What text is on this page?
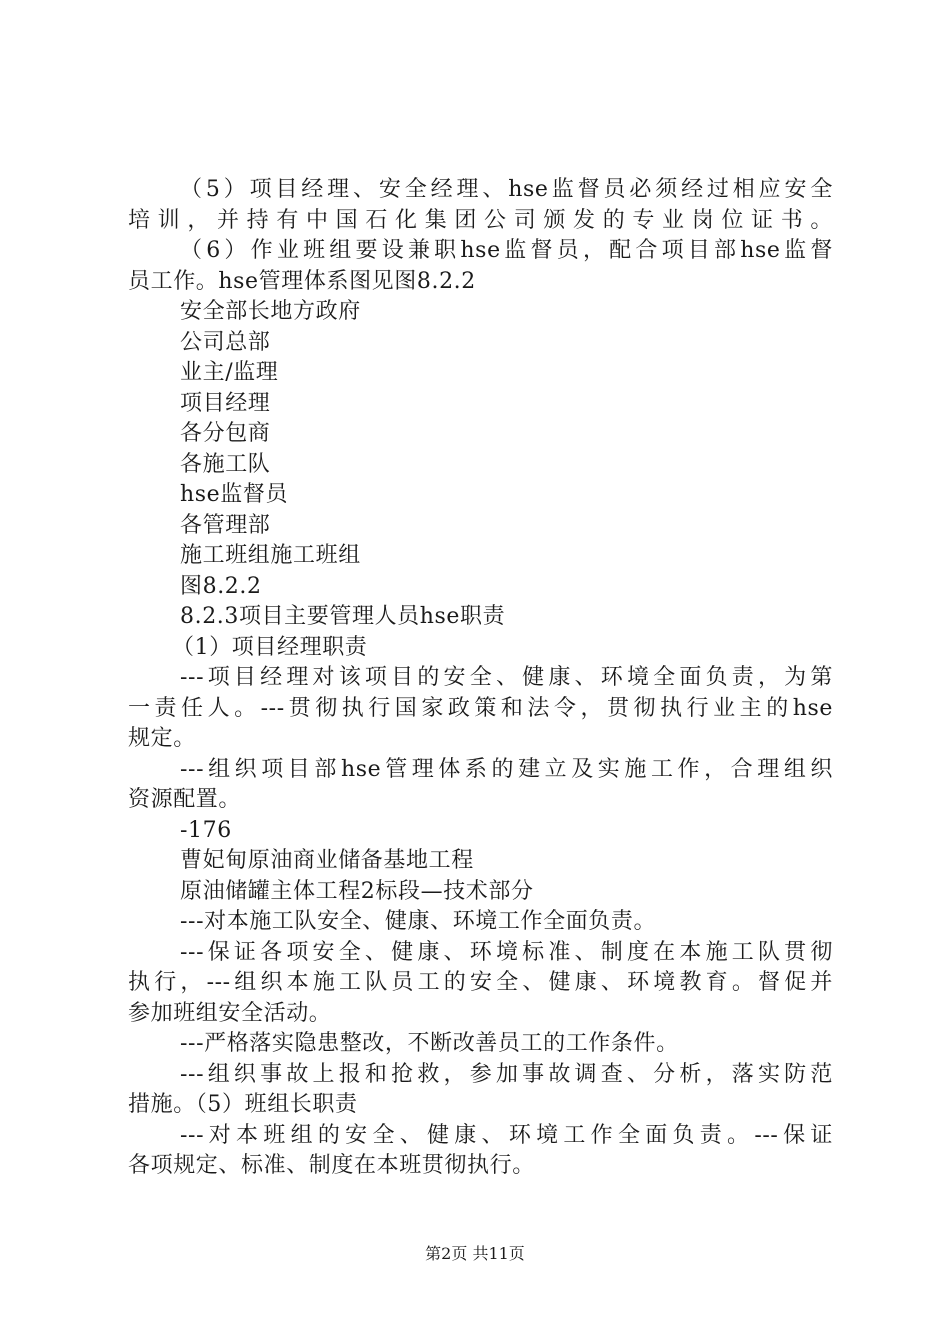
（5）项目经理、安全经理、hse监督员必须经过相应安全
培训，并持有中国石化集团公司颁发的专业岗位证书。
（6）作业班组要设兼职hse监督员，配合项目部hse监督
员工作。hse管理体系图见图8.2.2
安全部长地方政府
公司总部
业主/监理
项目经理
各分包商
各施工队
hse监督员
各管理部
施工班组施工班组
图8.2.2
8.2.3项目主要管理人员hse职责
（1）项目经理职责
---项目经理对该项目的安全、健康、环境全面负责，为第
一责任人。---贯彻执行国家政策和法令，贯彻执行业主的hse
规定。
---组织项目部hse管理体系的建立及实施工作，合理组织
资源配置。
-176
曹妃甸原油商业储备基地工程
原油储罐主体工程2标段—技术部分
---对本施工队安全、健康、环境工作全面负责。
---保证各项安全、健康、环境标准、制度在本施工队贯彻
执行，---组织本施工队员工的安全、健康、环境教育。督促并
参加班组安全活动。
---严格落实隐患整改，不断改善员工的工作条件。
---组织事故上报和抢救，参加事故调查、分析，落实防范
措施。（5）班组长职责
---对本班组的安全、健康、环境工作全面负责。---保证
各项规定、标准、制度在本班贯彻执行。
第2页 共11页
